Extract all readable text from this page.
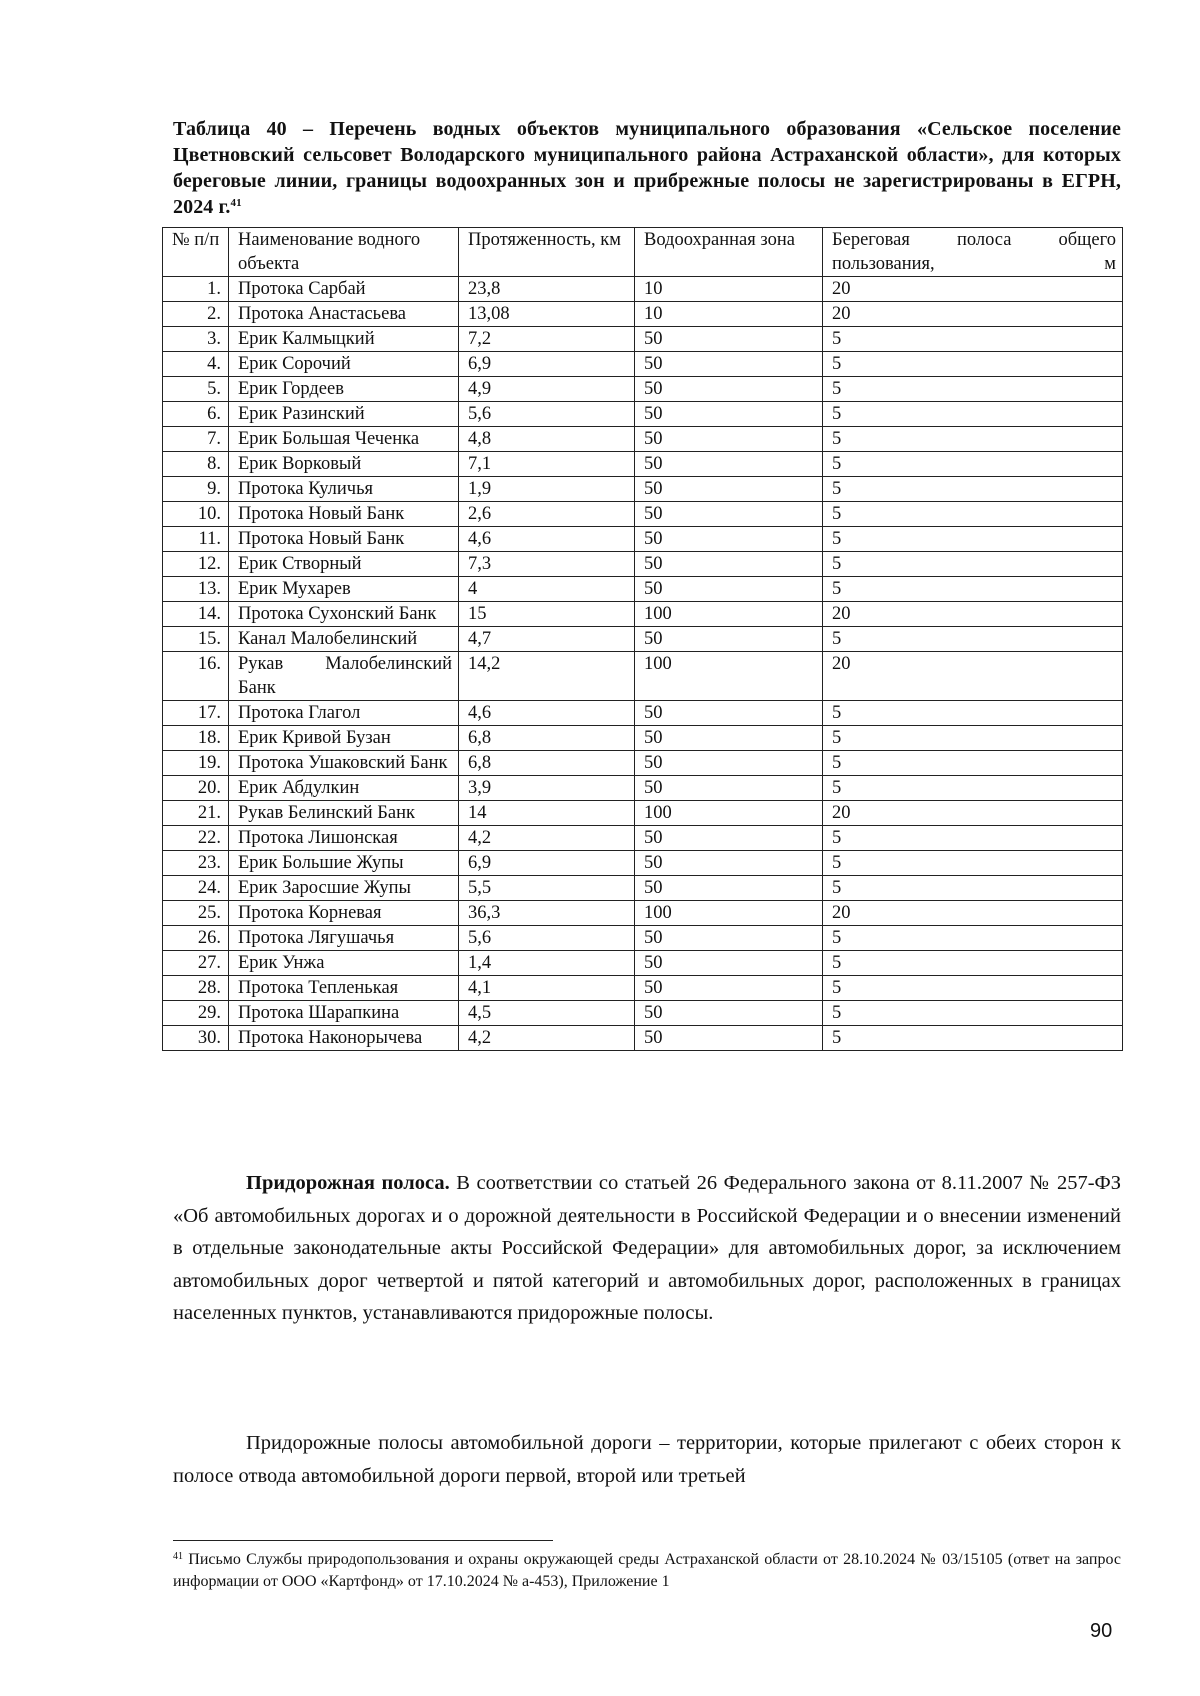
Таблица 40 – Перечень водных объектов муниципального образования «Сельское поселение Цветновский сельсовет Володарского муниципального района Астраханской области», для которых береговые линии, границы водоохранных зон и прибрежные полосы не зарегистрированы в ЕГРН, 2024 г.$^{41}$
№ п/п	Наименование водного объекта	Протяженность, км	Водоохранная зона	Береговая полоса общего пользования, м

1.	Протока Сарбай	23,8	10	20
2.	Протока Анастасьева	13,08	10	20
3.	Ерик Калмыцкий	7,2	50	5
4.	Ерик Сорочий	6,9	50	5
5.	Ерик Гордеев	4,9	50	5
6.	Ерик Разинский	5,6	50	5
7.	Ерик Большая Чеченка	4,8	50	5
8.	Ерик Ворковый	7,1	50	5
9.	Протока Куличья	1,9	50	5
10.	Протока Новый Банк	2,6	50	5
11.	Протока Новый Банк	4,6	50	5
12.	Ерик Створный	7,3	50	5
13.	Ерик Мухарев	4	50	5
14.	Протока Сухонский Банк	15	100	20
15.	Канал Малобелинский	4,7	50	5
16.	Рукав Малобелинский Банк	14,2	100	20
17.	Протока Глагол	4,6	50	5
18.	Ерик Кривой Бузан	6,8	50	5
19.	Протока Ушаковский Банк	6,8	50	5
20.	Ерик Абдулкин	3,9	50	5
21.	Рукав Белинский Банк	14	100	20
22.	Протока Лишонская	4,2	50	5
23.	Ерик Большие Жупы	6,9	50	5
24.	Ерик Заросшие Жупы	5,5	50	5
25.	Протока Корневая	36,3	100	20
26.	Протока Лягушачья	5,6	50	5
27.	Ерик Унжа	1,4	50	5
28.	Протока Тепленькая	4,1	50	5
29.	Протока Шарапкина	4,5	50	5
30.	Протока Наконорычева	4,2	50	5

Придорожная полоса. В соответствии со статьей 26 Федерального закона от 8.11.2007 № 257-ФЗ «Об автомобильных дорогах и о дорожной деятельности в Российской Федерации и о внесении изменений в отдельные законодательные акты Российской Федерации» для автомобильных дорог, за исключением автомобильных дорог четвертой и пятой категорий и автомобильных дорог, расположенных в границах населенных пунктов, устанавливаются придорожные полосы.

Придорожные полосы автомобильной дороги – территории, которые прилегают с обеих сторон к полосе отвода автомобильной дороги первой, второй или третьей

$^{41}$ Письмо Службы природопользования и охраны окружающей среды Астраханской области от 28.10.2024 № 03/15105 (ответ на запрос информации от ООО «Картфонд» от 17.10.2024 № а-453), Приложение 1
90
